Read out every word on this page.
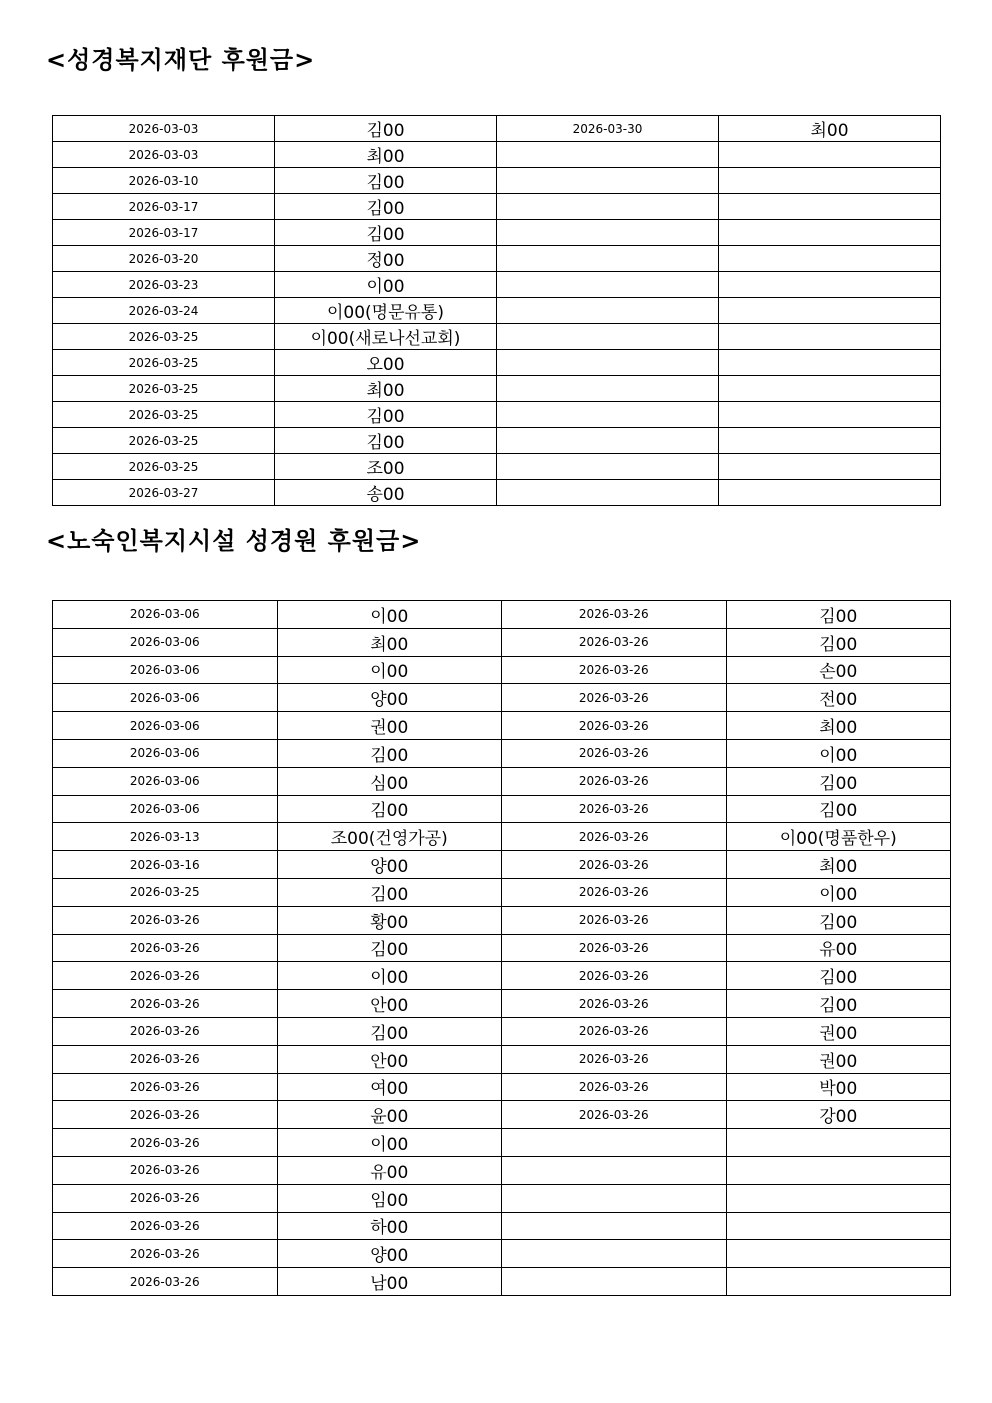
<성경복지재단 후원금>
2026-03-03	김00	2026-03-30	최00
2026-03-03	최00		
2026-03-10	김00		
2026-03-17	김00		
2026-03-17	김00		
2026-03-20	정00		
2026-03-23	이00		
2026-03-24	이00(명문유통)		
2026-03-25	이00(새로나선교회)		
2026-03-25	오00		
2026-03-25	최00		
2026-03-25	김00		
2026-03-25	김00		
2026-03-25	조00		
2026-03-27	송00		
<노숙인복지시설 성경원 후원금>
2026-03-06	이00	2026-03-26	김00
2026-03-06	최00	2026-03-26	김00
2026-03-06	이00	2026-03-26	손00
2026-03-06	양00	2026-03-26	전00
2026-03-06	권00	2026-03-26	최00
2026-03-06	김00	2026-03-26	이00
2026-03-06	심00	2026-03-26	김00
2026-03-06	김00	2026-03-26	김00
2026-03-13	조00(건영가공)	2026-03-26	이00(명품한우)
2026-03-16	양00	2026-03-26	최00
2026-03-25	김00	2026-03-26	이00
2026-03-26	황00	2026-03-26	김00
2026-03-26	김00	2026-03-26	유00
2026-03-26	이00	2026-03-26	김00
2026-03-26	안00	2026-03-26	김00
2026-03-26	김00	2026-03-26	권00
2026-03-26	안00	2026-03-26	권00
2026-03-26	여00	2026-03-26	박00
2026-03-26	윤00	2026-03-26	강00
2026-03-26	이00		
2026-03-26	유00		
2026-03-26	임00		
2026-03-26	하00		
2026-03-26	양00		
2026-03-26	남00		
